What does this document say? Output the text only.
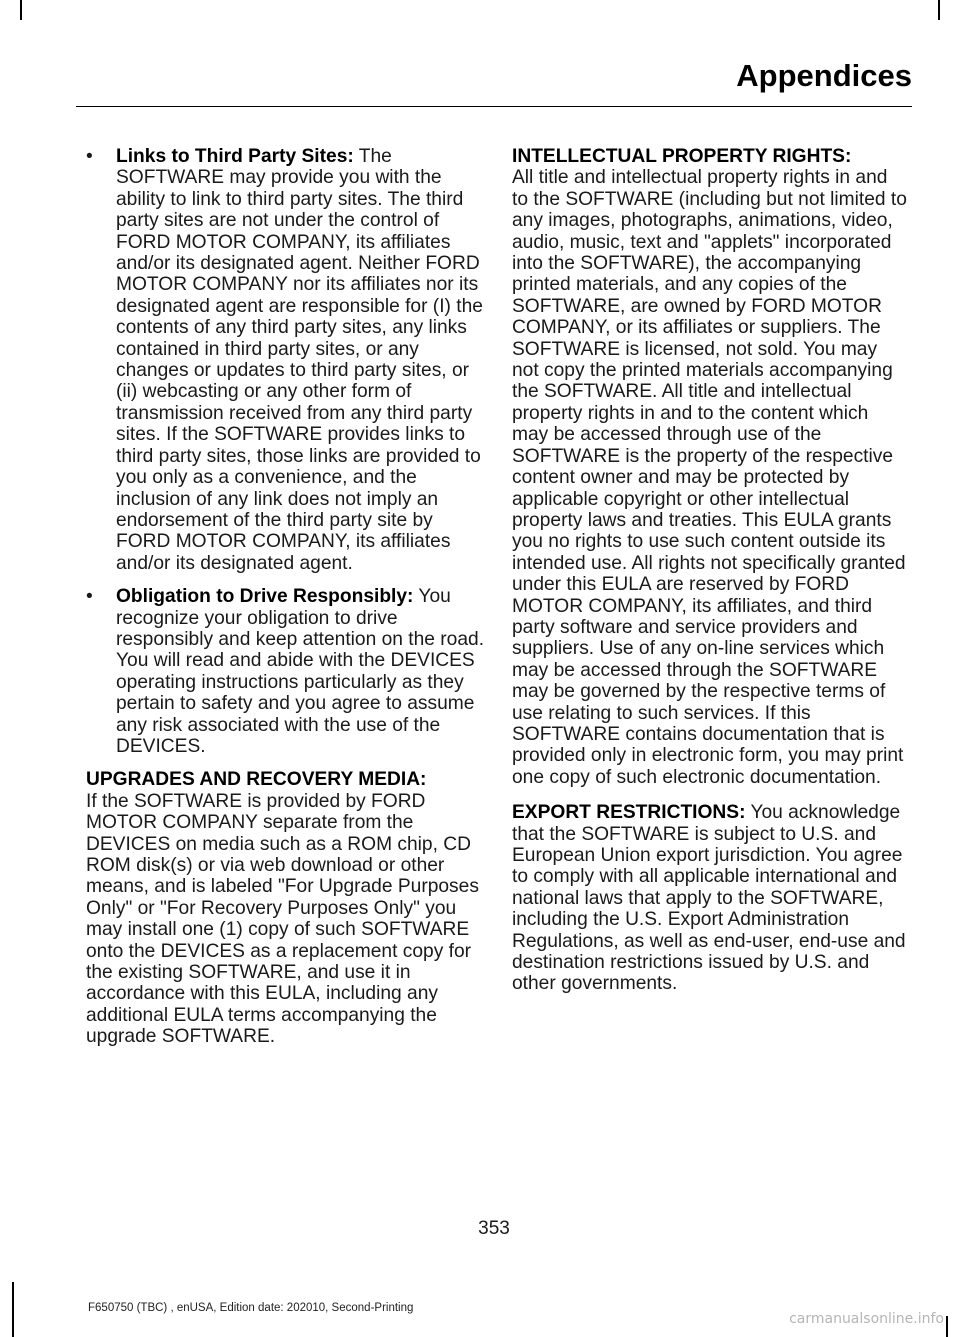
Appendices
•	Links to Third Party Sites: The SOFTWARE may provide you with the ability to link to third party sites. The third party sites are not under the control of FORD MOTOR COMPANY, its affiliates and/or its designated agent. Neither FORD MOTOR COMPANY nor its affiliates nor its designated agent are responsible for (I) the contents of any third party sites, any links contained in third party sites, or any changes or updates to third party sites, or (ii) webcasting or any other form of transmission received from any third party sites. If the SOFTWARE provides links to third party sites, those links are provided to you only as a convenience, and the inclusion of any link does not imply an endorsement of the third party site by FORD MOTOR COMPANY, its affiliates and/or its designated agent.
•	Obligation to Drive Responsibly: You recognize your obligation to drive responsibly and keep attention on the road. You will read and abide with the DEVICES operating instructions particularly as they pertain to safety and you agree to assume any risk associated with the use of the DEVICES.

UPGRADES AND RECOVERY MEDIA:
If the SOFTWARE is provided by FORD MOTOR COMPANY separate from the DEVICES on media such as a ROM chip, CD ROM disk(s) or via web download or other means, and is labeled "For Upgrade Purposes Only" or "For Recovery Purposes Only" you may install one (1) copy of such SOFTWARE onto the DEVICES as a replacement copy for the existing SOFTWARE, and use it in accordance with this EULA, including any additional EULA terms accompanying the upgrade SOFTWARE.

INTELLECTUAL PROPERTY RIGHTS:
All title and intellectual property rights in and to the SOFTWARE (including but not limited to any images, photographs, animations, video, audio, music, text and "applets" incorporated into the SOFTWARE), the accompanying printed materials, and any copies of the SOFTWARE, are owned by FORD MOTOR COMPANY, or its affiliates or suppliers. The SOFTWARE is licensed, not sold. You may not copy the printed materials accompanying the SOFTWARE. All title and intellectual property rights in and to the content which may be accessed through use of the SOFTWARE is the property of the respective content owner and may be protected by applicable copyright or other intellectual property laws and treaties. This EULA grants you no rights to use such content outside its intended use. All rights not specifically granted under this EULA are reserved by FORD MOTOR COMPANY, its affiliates, and third party software and service providers and suppliers. Use of any on-line services which may be accessed through the SOFTWARE may be governed by the respective terms of use relating to such services. If this SOFTWARE contains documentation that is provided only in electronic form, you may print one copy of such electronic documentation.

EXPORT RESTRICTIONS: You acknowledge that the SOFTWARE is subject to U.S. and European Union export jurisdiction. You agree to comply with all applicable international and national laws that apply to the SOFTWARE, including the U.S. Export Administration Regulations, as well as end-user, end-use and destination restrictions issued by U.S. and other governments.

353

F650750 (TBC) , enUSA, Edition date: 202010, Second-Printing

carmanualsonline.info
